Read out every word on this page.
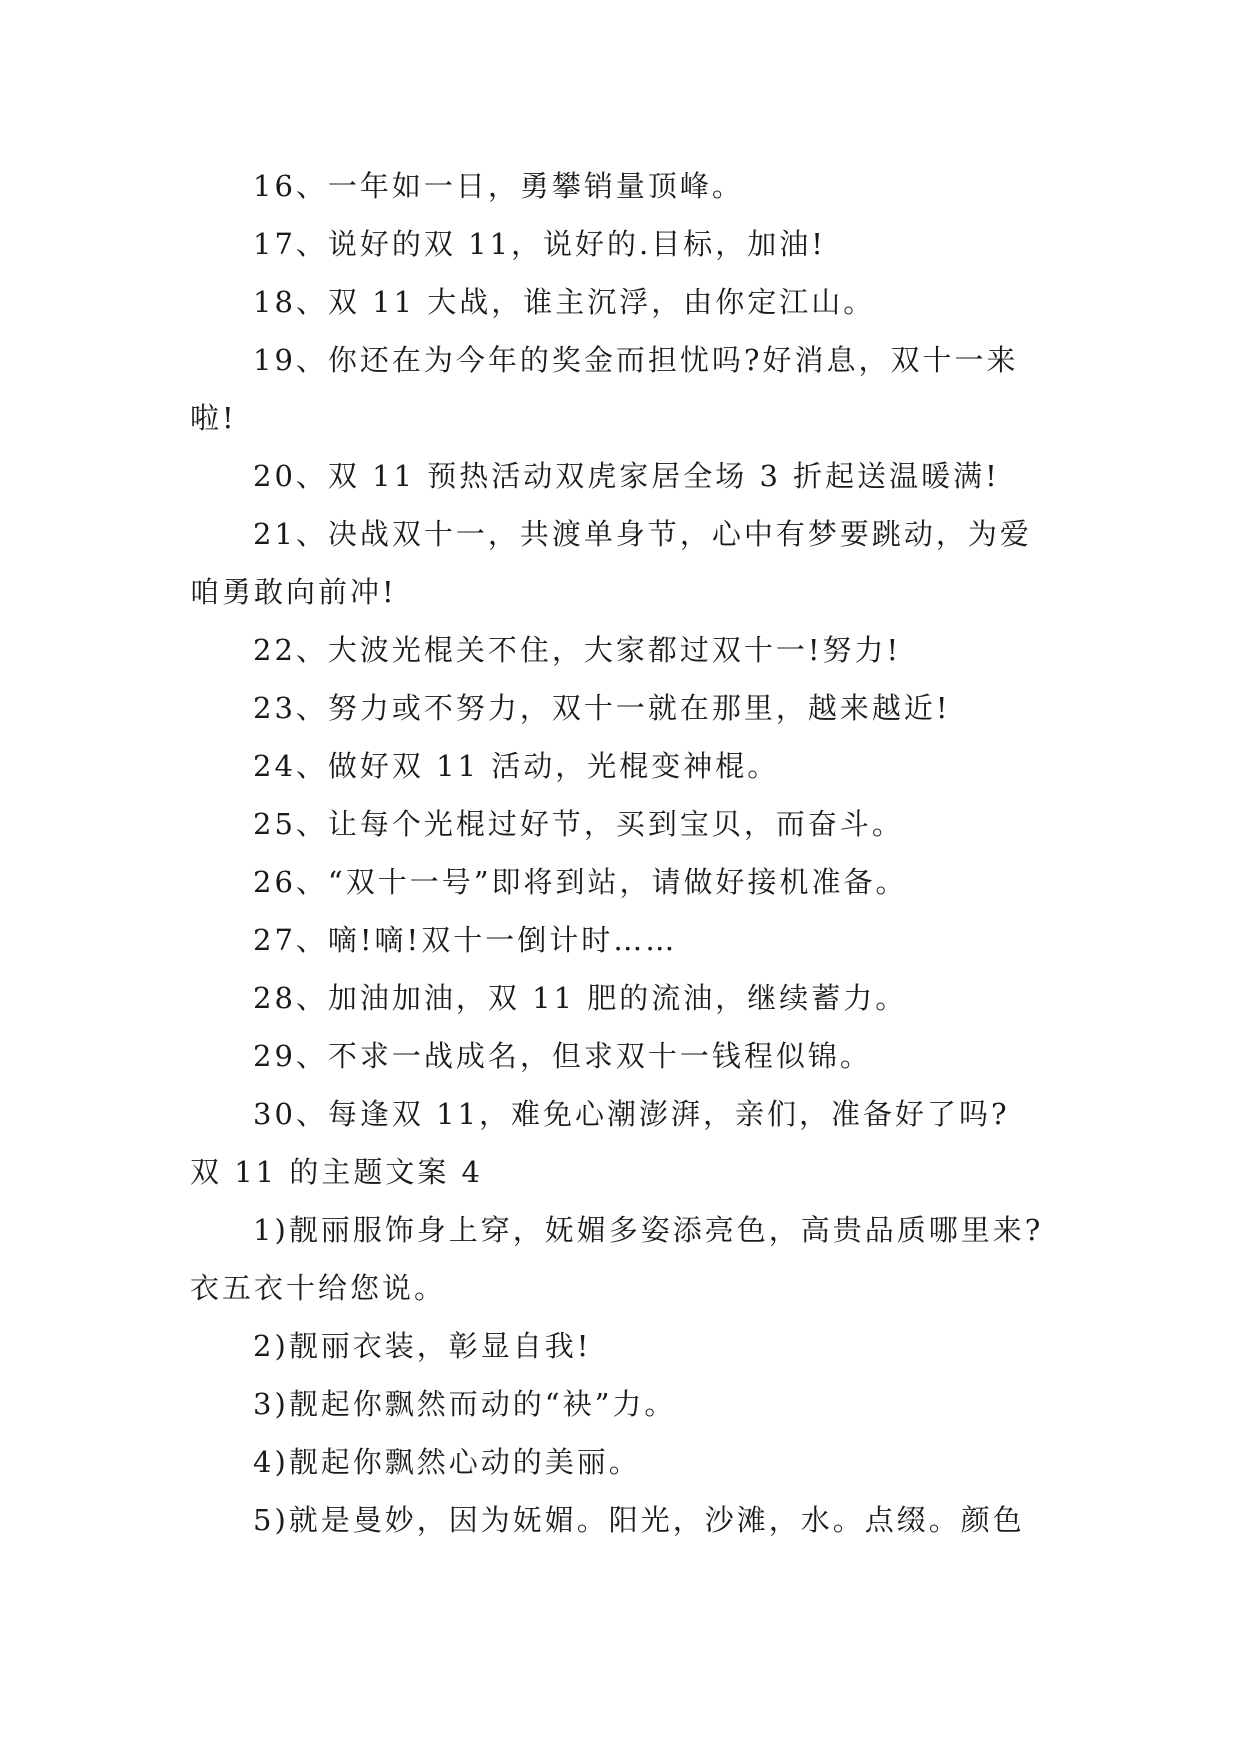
16、一年如一日，勇攀销量顶峰。
17、说好的双 11，说好的.目标，加油!
18、双 11 大战，谁主沉浮，由你定江山。
19、你还在为今年的奖金而担忧吗?好消息，双十一来
啦!
20、双 11 预热活动双虎家居全场 3 折起送温暖满!
21、决战双十一，共渡单身节，心中有梦要跳动，为爱
咱勇敢向前冲!
22、大波光棍关不住，大家都过双十一!努力!
23、努力或不努力，双十一就在那里，越来越近!
24、做好双 11 活动，光棍变神棍。
25、让每个光棍过好节，买到宝贝，而奋斗。
26、“双十一号”即将到站，请做好接机准备。
27、嘀!嘀!双十一倒计时……
28、加油加油，双 11 肥的流油，继续蓄力。
29、不求一战成名，但求双十一钱程似锦。
30、每逢双 11，难免心潮澎湃，亲们，准备好了吗?
双 11 的主题文案 4
1)靓丽服饰身上穿，妩媚多姿添亮色，高贵品质哪里来?
衣五衣十给您说。
2)靓丽衣装，彰显自我!
3)靓起你飘然而动的“袂”力。
4)靓起你飘然心动的美丽。
5)就是曼妙，因为妩媚。阳光，沙滩，水。点缀。颜色
